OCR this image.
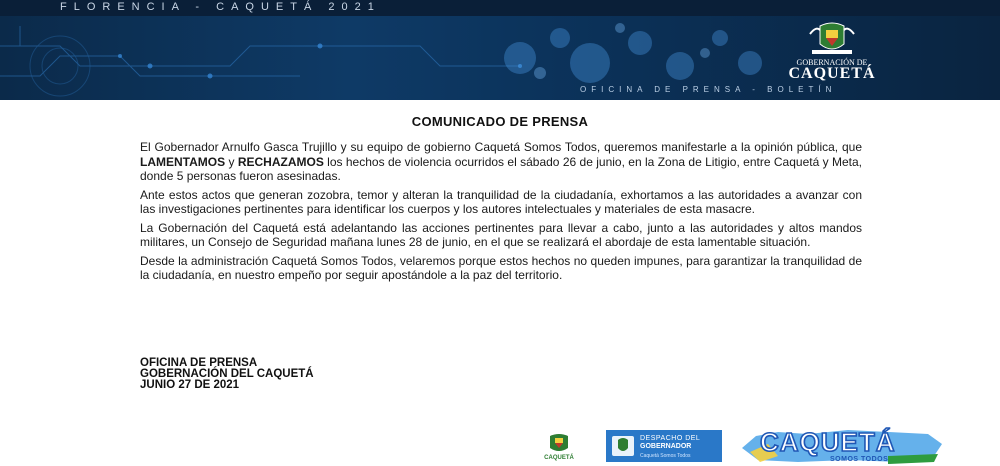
FLORENCIA - CAQUETÁ 2021
OFICINA DE PRENSA - BOLETÍN
GOBERNACIÓN DE
CAQUETÁ
COMUNICADO DE PRENSA

El Gobernador Arnulfo Gasca Trujillo y su equipo de gobierno Caquetá Somos Todos, queremos manifestarle a la opinión pública, que LAMENTAMOS y RECHAZAMOS los hechos de violencia ocurridos el sábado 26 de junio, en la Zona de Litigio, entre Caquetá y Meta, donde 5 personas fueron asesinadas.

Ante estos actos que generan zozobra, temor y alteran la tranquilidad de la ciudadanía, exhortamos a las autoridades a avanzar con las investigaciones pertinentes para identificar los cuerpos y los autores intelectuales y materiales de esta masacre.

La Gobernación del Caquetá está adelantando las acciones pertinentes para llevar a cabo, junto a las autoridades y altos mandos militares, un Consejo de Seguridad mañana lunes 28 de junio, en el que se realizará el abordaje de esta lamentable situación.

Desde la administración Caquetá Somos Todos, velaremos porque estos hechos no queden impunes, para garantizar la tranquilidad de la ciudadanía, en nuestro empeño por seguir apostándole a la paz del territorio.

OFICINA DE PRENSA
GOBERNACIÓN DEL CAQUETÁ
JUNIO 27 DE 2021
CAQUETÁ
DESPACHO DEL
GOBERNADOR
Caquetá Somos Todos	CAQUETÁ
SOMOS TODOS
